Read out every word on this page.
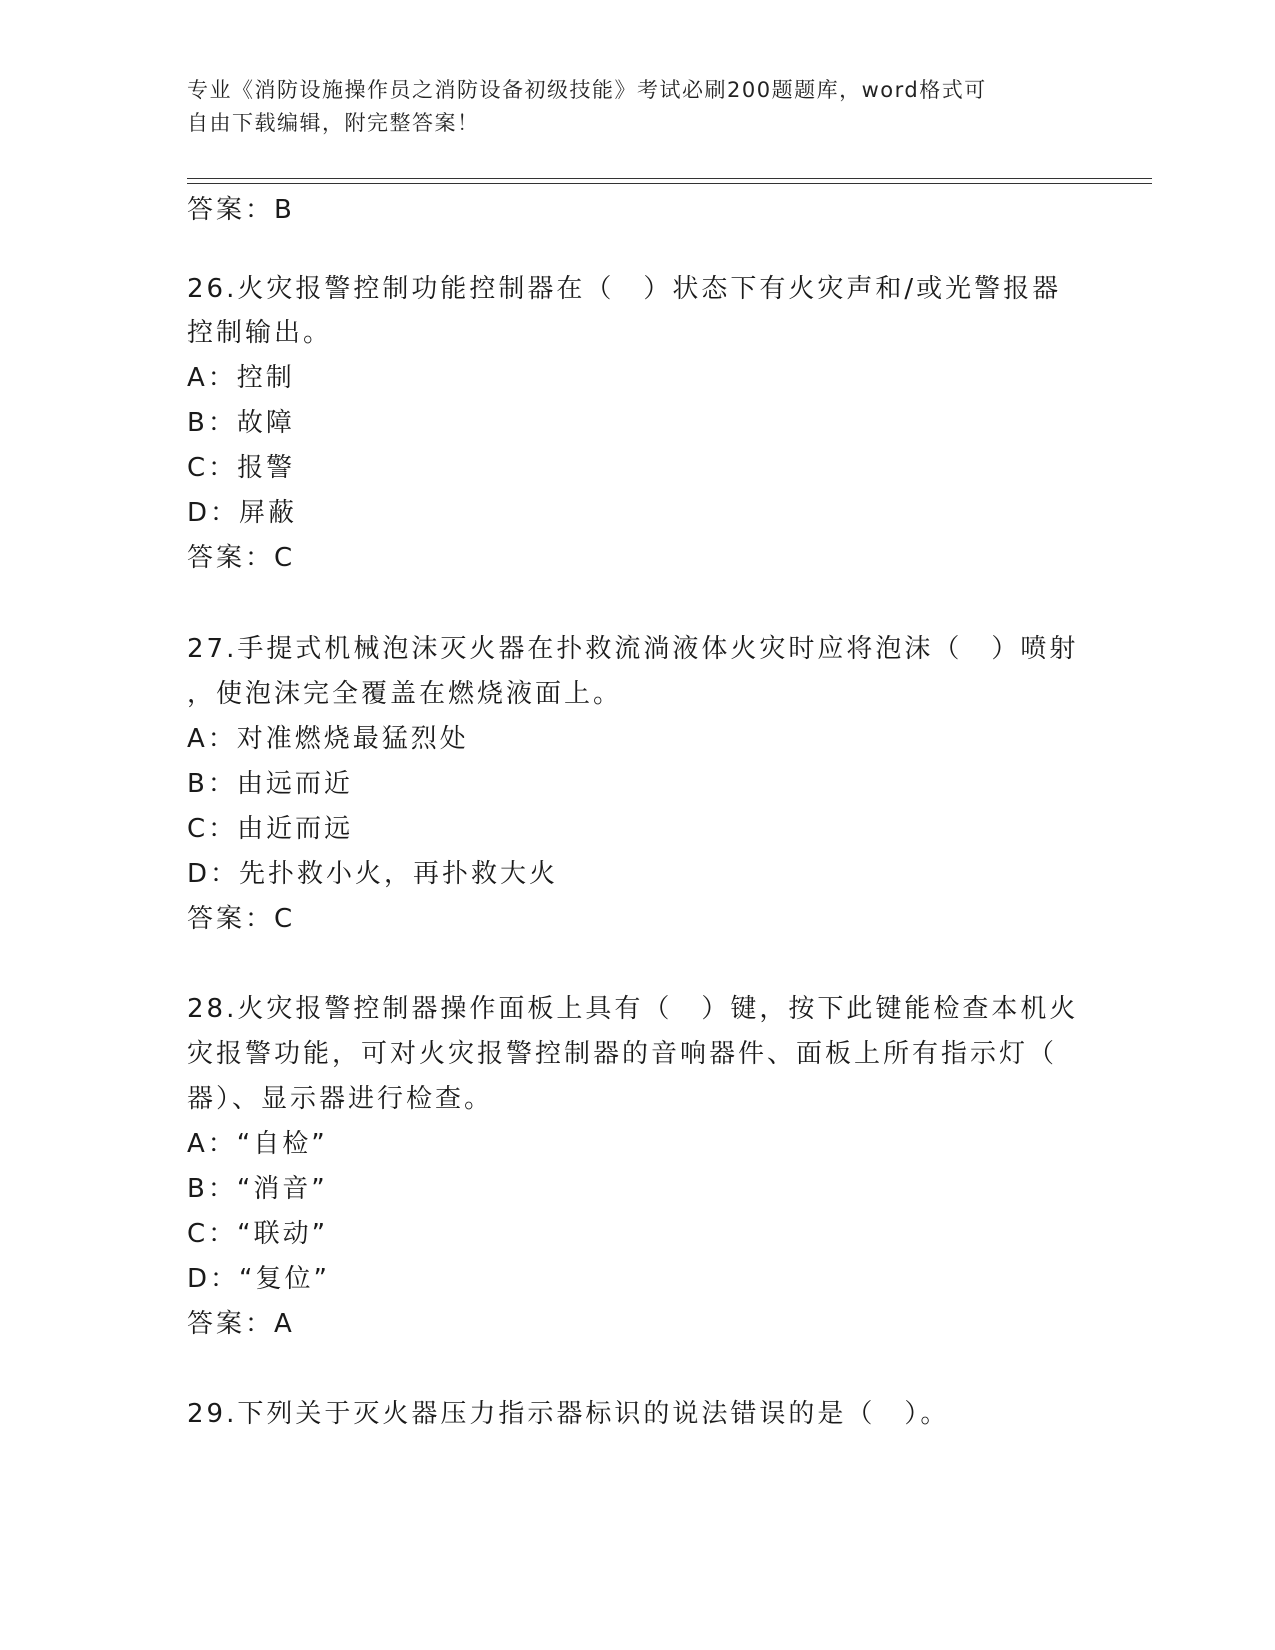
专业《消防设施操作员之消防设备初级技能》考试必刷200题题库，word格式可
自由下载编辑，附完整答案！
答案：B
26.火灾报警控制功能控制器在（　）状态下有火灾声和/或光警报器
控制输出。
A：控制
B：故障
C：报警
D：屏蔽
答案：C
27.手提式机械泡沫灭火器在扑救流淌液体火灾时应将泡沫（　）喷射
，使泡沫完全覆盖在燃烧液面上。
A：对准燃烧最猛烈处
B：由远而近
C：由近而远
D：先扑救小火，再扑救大火
答案：C
28.火灾报警控制器操作面板上具有（　）键，按下此键能检查本机火
灾报警功能，可对火灾报警控制器的音响器件、面板上所有指示灯（
器）、显示器进行检查。
A：“自检”
B：“消音”
C：“联动”
D：“复位”
答案：A
29.下列关于灭火器压力指示器标识的说法错误的是（　）。
